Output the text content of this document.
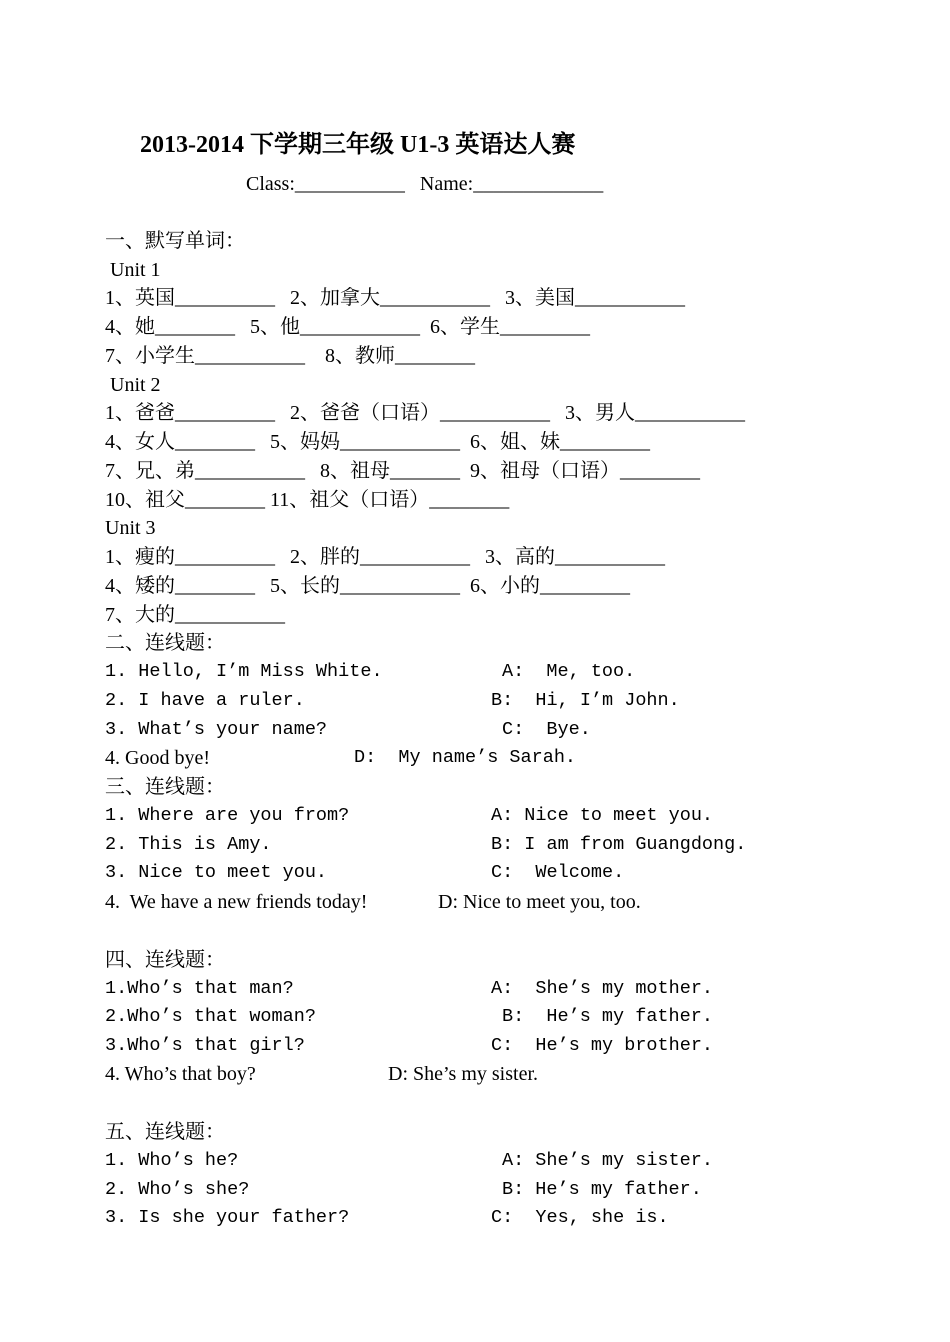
2013-2014 下学期三年级 U1-3 英语达人赛
Class:___________   Name:_____________
一、默写单词：
Unit 1
1、英国__________   2、加拿大___________   3、美国___________
4、她________   5、他____________  6、学生_________
7、小学生___________    8、教师________
Unit 2
1、爸爸__________   2、爸爸（口语）___________   3、男人___________
4、女人________   5、妈妈____________  6、姐、妹_________
7、兄、弟___________   8、祖母_______  9、祖母（口语）________
10、祖父________ 11、祖父（口语）________
Unit 3
1、瘦的__________   2、胖的___________   3、高的___________
4、矮的________   5、长的____________  6、小的_________
7、大的___________
二、连线题：
1. Hello, I’m Miss White.	A:  Me, too.
2. I have a ruler.	B:  Hi, I’m John.
3. What’s your name?	C:  Bye.
4. Good bye!	D:  My name’s Sarah.
三、连线题：
1. Where are you from?	A: Nice to meet you.
2. This is Amy.	B: I am from Guangdong.
3. Nice to meet you.	C:  Welcome.
4.  We have a new friends today!	D: Nice to meet you, too.
四、连线题：
1.Who’s that man?	A:  She’s my mother.
2.Who’s that woman?	B:  He’s my father.
3.Who’s that girl?	C:  He’s my brother.
4. Who’s that boy?	D: She’s my sister.
五、连线题：
1. Who’s he?	A: She’s my sister.
2. Who’s she?	B: He’s my father.
3. Is she your father?	C:  Yes, she is.
